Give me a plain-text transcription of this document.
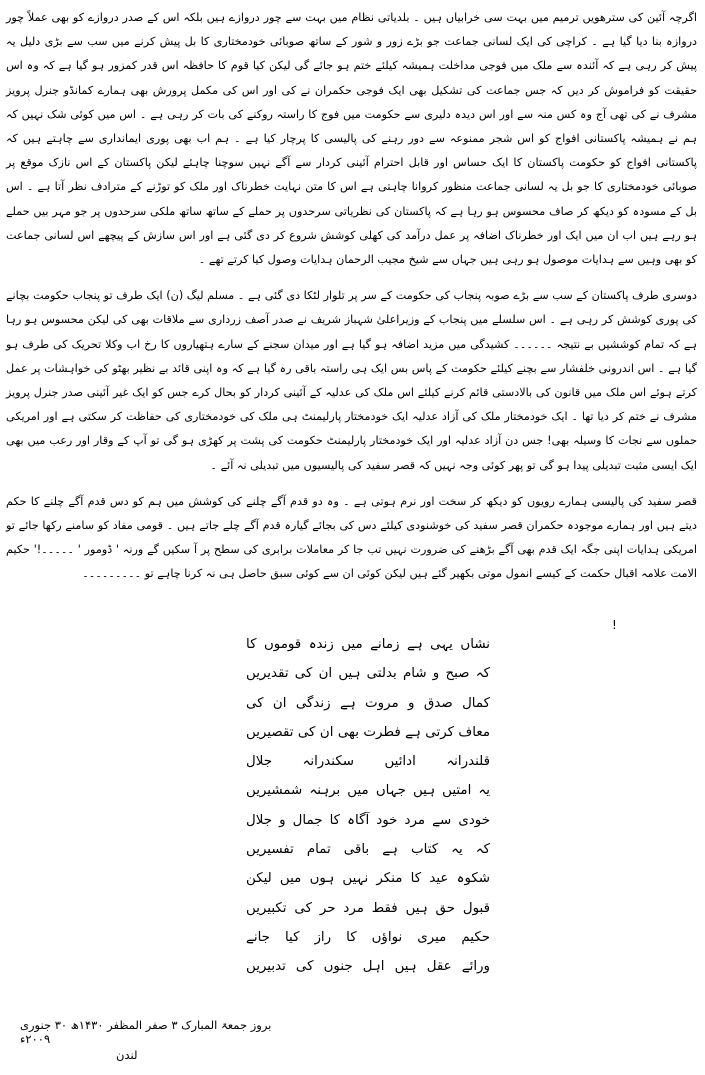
اگرچہ آئین کی سترھویں ترمیم میں بہت سی خرابیاں ہیں ۔ بلدیاتی نظام میں بہت سے چور دروازے ہیں بلکہ اس کے صدر دروازے کو بھی عملاً چور دروازہ بنا دیا گیا ہے ۔ کراچی کی ایک لسانی جماعت جو بڑے زور و شور کے ساتھ صوبائی خودمختاری کا بل پیش کرنے میں سب سے بڑی دلیل یہ پیش کر رہی ہے کہ آئندہ سے ملک میں فوجی مداخلت ہمیشہ کیلئے ختم ہو جائے گی لیکن کیا قوم کا حافظہ اس قدر کمزور ہو گیا ہے کہ وہ اس حقیقت کو فراموش کر دیں کہ جس جماعت کی تشکیل بھی ایک فوجی حکمران نے کی اور اس کی مکمل پرورش بھی ہمارے کمانڈو جنرل پرویز مشرف نے کی تھی آج وہ کس منہ سے اور اس دیدہ دلیری سے حکومت میں فوج کا راستہ روکنے کی بات کر رہی ہے ۔ اس میں کوئی شک نہیں کہ ہم نے ہمیشہ پاکستانی افواج کو اس شجر ممنوعہ سے دور رہنے کی پالیسی کا پرچار کیا ہے ۔ ہم اب بھی پوری ایمانداری سے چاہتے ہیں کہ پاکستانی افواج کو حکومت پاکستان کا ایک حساس اور قابل احترام آئینی کردار سے آگے نہیں سوچنا چاہئے لیکن پاکستان کے اس نازک موقع پر صوبائی خودمختاری کا جو بل یہ لسانی جماعت منظور کروانا چاہتی ہے اس کا متن نہایت خطرناک اور ملک کو توڑنے کے مترادف نظر آتا ہے ۔ اس بل کے مسودہ کو دیکھ کر صاف محسوس ہو رہا ہے کہ پاکستان کی نظریاتی سرحدوں پر حملے کے ساتھ ساتھ ملکی سرحدوں پر جو مہر بیں حملے ہو رہے ہیں اب ان میں ایک اور خطرناک اضافہ پر عمل درآمد کی کھلی کوشش شروع کر دی گئی ہے اور اس سازش کے پیچھے اس لسانی جماعت کو بھی وہیں سے ہدایات موصول ہو رہی ہیں جہاں سے شیخ مجیب الرحمان ہدایات وصول کیا کرتے تھے ۔

دوسری طرف پاکستان کے سب سے بڑے صوبہ پنجاب کی حکومت کے سر پر تلوار لٹکا دی گئی ہے ۔ مسلم لیگ (ن) ایک طرف تو پنجاب حکومت بچانے کی پوری کوشش کر رہی ہے ۔ اس سلسلے میں پنجاب کے وزیراعلیٰ شہباز شریف نے صدر آصف زرداری سے ملاقات بھی کی لیکن محسوس ہو رہا ہے کہ تمام کوششیں بے نتیجہ ۔۔۔۔۔۔ کشیدگی میں مزید اضافہ ہو گیا ہے اور میدان سجنے کے سارے ہتھیاروں کا رخ اب وکلا تحریک کی طرف ہو گیا ہے ۔ اس اندرونی خلفشار سے بچنے کیلئے حکومت کے پاس بس ایک ہی راستہ باقی رہ گیا ہے کہ وہ اپنی قائد بے نظیر بھٹو کی خواہشات پر عمل کرتے ہوئے اس ملک میں قانون کی بالادستی قائم کرنے کیلئے اس ملک کی عدلیہ کے آئینی کردار کو بحال کرے جس کو ایک غیر آئینی صدر جنرل پرویز مشرف نے ختم کر دیا تھا ۔ ایک خودمختار ملک کی آزاد عدلیہ ایک خودمختار پارلیمنٹ ہی ملک کی خودمختاری کی حفاظت کر سکتی ہے اور امریکی حملوں سے نجات کا وسیلہ بھی! جس دن آزاد عدلیہ اور ایک خودمختار پارلیمنٹ حکومت کی پشت پر کھڑی ہو گی تو آپ کے وقار اور رعب میں بھی ایک ایسی مثبت تبدیلی پیدا ہو گی تو پھر کوئی وجہ نہیں کہ قصر سفید کی پالیسیوں میں تبدیلی نہ آئے ۔

قصر سفید کی پالیسی ہمارے رویوں کو دیکھ کر سخت اور نرم ہوتی ہے ۔ وہ دو قدم آگے چلنے کی کوشش میں ہم کو دس قدم آگے چلنے کا حکم دیتے ہیں اور ہمارے موجودہ حکمران قصر سفید کی خوشنودی کیلئے دس کی بجائے گیارہ قدم آگے چلے جاتے ہیں ۔ قومی مفاد کو سامنے رکھا جائے تو امریکی ہدایات اپنی جگہ ایک قدم بھی آگے بڑھنے کی ضرورت نہیں تب جا کر معاملات برابری کی سطح پر آ سکیں گے ورنہ ' ڈومور ' ۔۔۔۔۔!' حکیم الامت علامہ اقبال حکمت کے کیسے انمول موتی بکھیر گئے ہیں لیکن کوئی ان سے کوئی سبق حاصل ہی نہ کرنا چاہے تو ۔۔۔۔۔۔۔۔۔

!
نشاں یہی ہے زمانے میں زندہ قوموں کا
کہ صبح و شام بدلتی ہیں ان کی تقدیریں
کمال صدق و مروت ہے زندگی ان کی
معاف کرتی ہے فطرت بھی ان کی تقصیریں
قلندرانہ ادائیں سکندرانہ جلال
یہ امتیں ہیں جہاں میں برہنہ شمشیریں
خودی سے مرد خود آگاہ کا جمال و جلال
کہ یہ کتاب ہے باقی تمام تفسیریں
شکوہ عید کا منکر نہیں ہوں میں لیکن
قبول حق ہیں فقط مرد حر کی تکبیریں
حکیم میری نواؤں کا راز کیا جانے
ورائے عقل ہیں اہل جنوں کی تدبیریں
بروز جمعۃ المبارک ۳ صفر المظفر ۱۴۳۰ھ ۳۰ جنوری ۲۰۰۹ء
لندن
